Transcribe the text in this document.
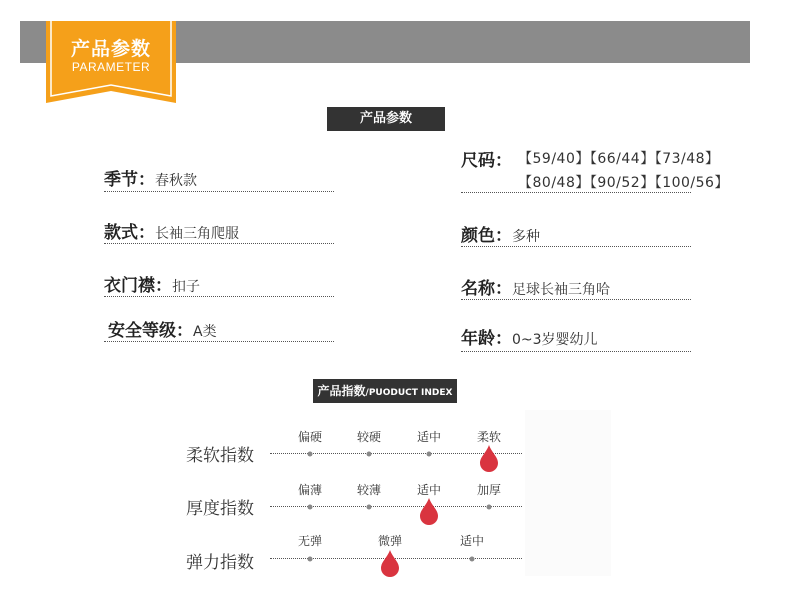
产品参数
PARAMETER
产品参数
季节：春秋款
款式：长袖三角爬服
衣门襟：扣子
安全等级：A类
尺码： 【59/40】【66/44】【73/48】
【80/48】【90/52】【100/56】
颜色：多种
名称：足球长袖三角哈
年龄：0~3岁婴幼儿
产品指数/PUODUCT INDEX
柔软指数
偏硬	较硬	适中	柔软
厚度指数
偏薄	较薄	适中	加厚
弹力指数
无弹	微弹	适中
